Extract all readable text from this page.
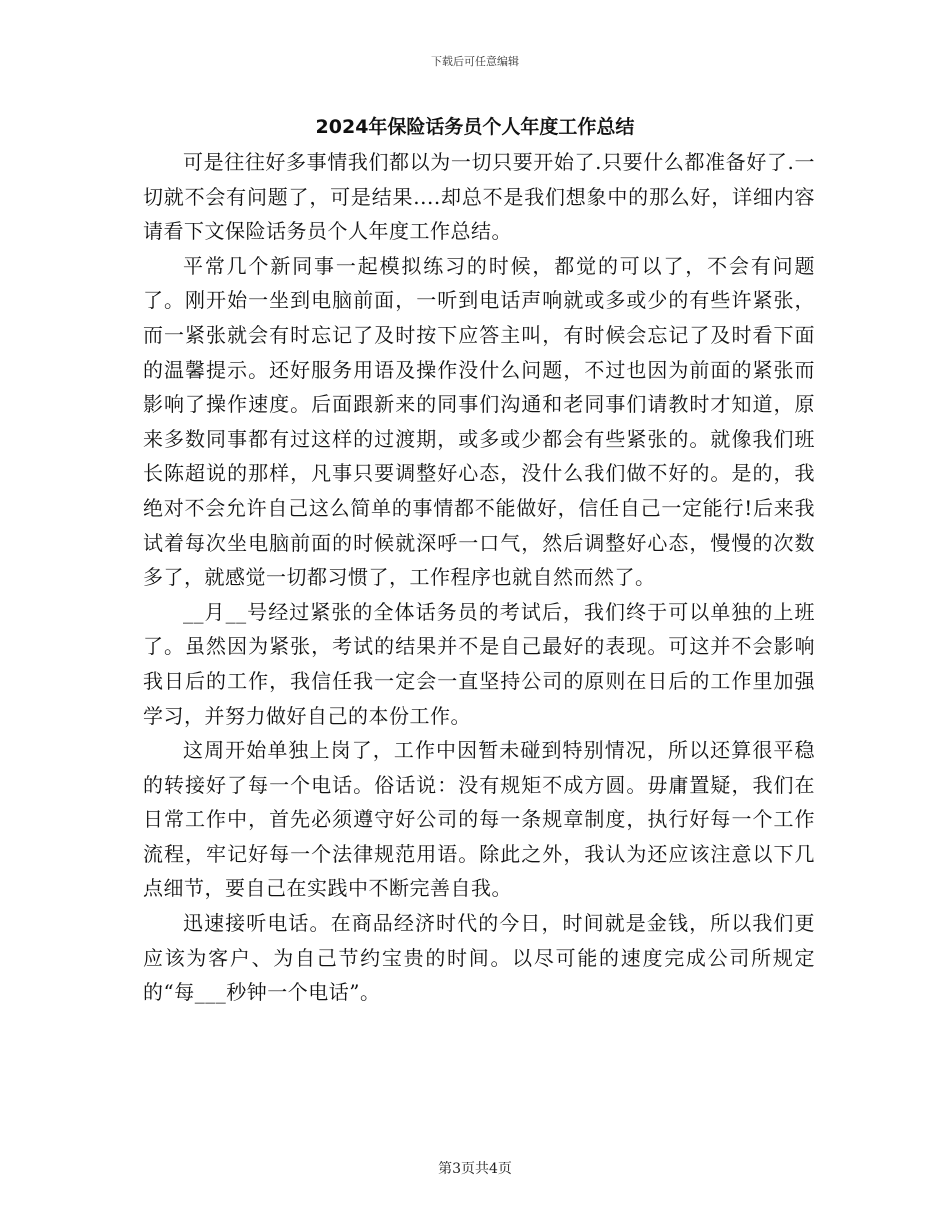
下载后可任意编辑
2024年保险话务员个人年度工作总结

可是往往好多事情我们都以为一切只要开始了.只要什么都准备好了.一切就不会有问题了，可是结果....却总不是我们想象中的那么好，详细内容请看下文保险话务员个人年度工作总结。

平常几个新同事一起模拟练习的时候，都觉的可以了，不会有问题了。刚开始一坐到电脑前面，一听到电话声响就或多或少的有些许紧张，而一紧张就会有时忘记了及时按下应答主叫，有时候会忘记了及时看下面的温馨提示。还好服务用语及操作没什么问题，不过也因为前面的紧张而影响了操作速度。后面跟新来的同事们沟通和老同事们请教时才知道，原来多数同事都有过这样的过渡期，或多或少都会有些紧张的。就像我们班长陈超说的那样，凡事只要调整好心态，没什么我们做不好的。是的，我绝对不会允许自己这么简单的事情都不能做好，信任自己一定能行!后来我试着每次坐电脑前面的时候就深呼一口气，然后调整好心态，慢慢的次数多了，就感觉一切都习惯了，工作程序也就自然而然了。

__月__号经过紧张的全体话务员的考试后，我们终于可以单独的上班了。虽然因为紧张，考试的结果并不是自己最好的表现。可这并不会影响我日后的工作，我信任我一定会一直坚持公司的原则在日后的工作里加强学习，并努力做好自己的本份工作。

这周开始单独上岗了，工作中因暂未碰到特别情况，所以还算很平稳的转接好了每一个电话。俗话说：没有规矩不成方圆。毋庸置疑，我们在日常工作中，首先必须遵守好公司的每一条规章制度，执行好每一个工作流程，牢记好每一个法律规范用语。除此之外，我认为还应该注意以下几点细节，要自己在实践中不断完善自我。

迅速接听电话。在商品经济时代的今日，时间就是金钱，所以我们更应该为客户、为自己节约宝贵的时间。以尽可能的速度完成公司所规定的“每___秒钟一个电话”。

第3页共4页
